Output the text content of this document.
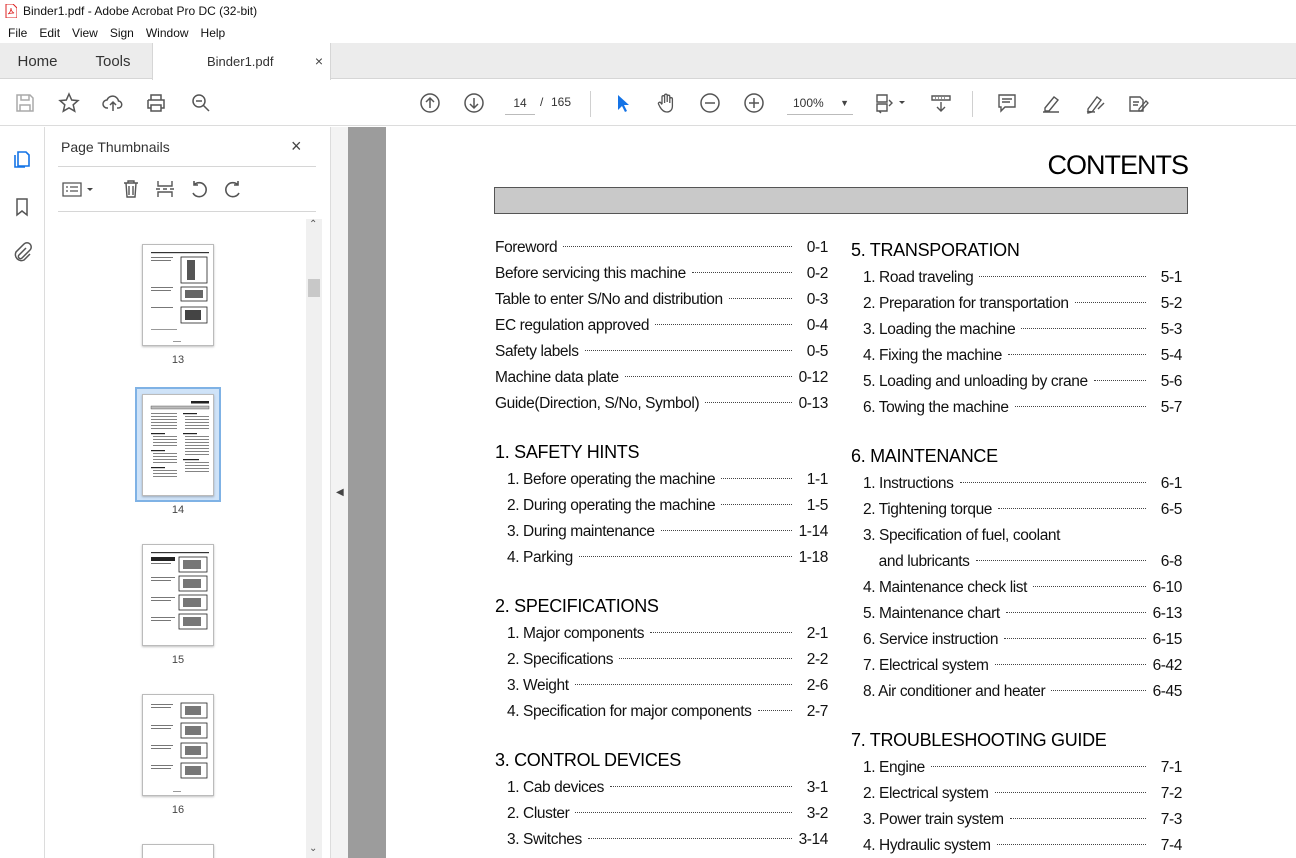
Binder1.pdf - Adobe Acrobat Pro DC (32-bit)
File	Edit	View	Sign	Window	Help
Home	Tools	Binder1.pdf	×
14
/ 165	100% ▼
Page Thumbnails	×
13
14
15
16
⌃
⌄
◀
CONTENTS
Foreword	0-1
Before servicing this machine	0-2
Table to enter S/No and distribution	0-3
EC regulation approved	0-4
Safety labels	0-5
Machine data plate	0-12
Guide(Direction, S/No, Symbol)	0-13
1. SAFETY HINTS
1. Before operating the machine	1-1
2. During operating the machine	1-5
3. During maintenance	1-14
4. Parking	1-18
2. SPECIFICATIONS
1. Major components	2-1
2. Specifications	2-2
3. Weight	2-6
4. Specification for major components	2-7
3. CONTROL DEVICES
1. Cab devices	3-1
2. Cluster	3-2
3. Switches	3-14
5. TRANSPORATION
1. Road traveling	5-1
2. Preparation for transportation	5-2
3. Loading the machine	5-3
4. Fixing the machine	5-4
5. Loading and unloading by crane	5-6
6. Towing the machine	5-7
6. MAINTENANCE
1. Instructions	6-1
2. Tightening torque	6-5
3. Specification of fuel, coolant
and lubricants	6-8
4. Maintenance check list	6-10
5. Maintenance chart	6-13
6. Service instruction	6-15
7. Electrical system	6-42
8. Air conditioner and heater	6-45
7. TROUBLESHOOTING GUIDE
1. Engine	7-1
2. Electrical system	7-2
3. Power train system	7-3
4. Hydraulic system	7-4
